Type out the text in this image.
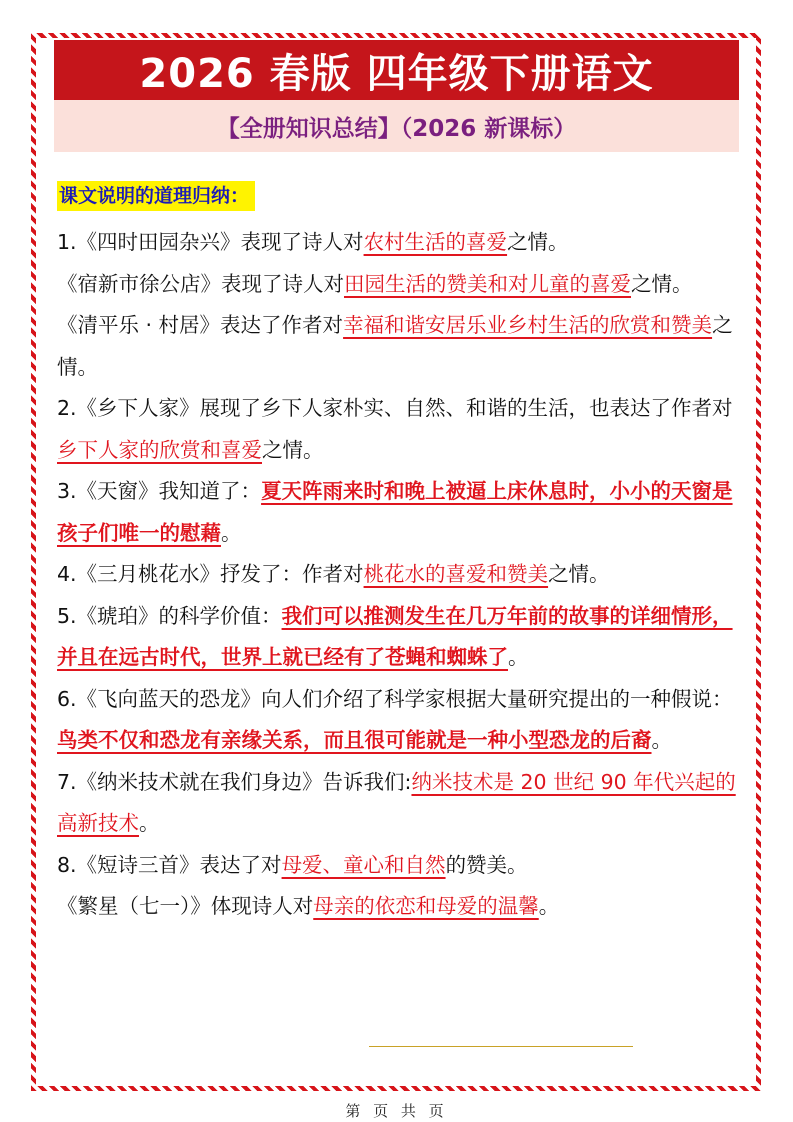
2026 春版 四年级下册语文
【全册知识总结】（2026 新课标）
课文说明的道理归纳：

1.《四时田园杂兴》表现了诗人对农村生活的喜爱之情。

《宿新市徐公店》表现了诗人对田园生活的赞美和对儿童的喜爱之情。

《清平乐 · 村居》表达了作者对幸福和谐安居乐业乡村生活的欣赏和赞美之情。

2.《乡下人家》展现了乡下人家朴实、自然、和谐的生活，也表达了作者对乡下人家的欣赏和喜爱之情。

3.《天窗》我知道了：夏天阵雨来时和晚上被逼上床休息时，小小的天窗是孩子们唯一的慰藉。

4.《三月桃花水》抒发了：作者对桃花水的喜爱和赞美之情。

5.《琥珀》的科学价值：我们可以推测发生在几万年前的故事的详细情形，并且在远古时代，世界上就已经有了苍蝇和蜘蛛了。

6.《飞向蓝天的恐龙》向人们介绍了科学家根据大量研究提出的一种假说：鸟类不仅和恐龙有亲缘关系，而且很可能就是一种小型恐龙的后裔。

7.《纳米技术就在我们身边》告诉我们:纳米技术是 20 世纪 90 年代兴起的高新技术。

8.《短诗三首》表达了对母爱、童心和自然的赞美。

《繁星（七一）》体现诗人对母亲的依恋和母爱的温馨。

第 页 共 页
